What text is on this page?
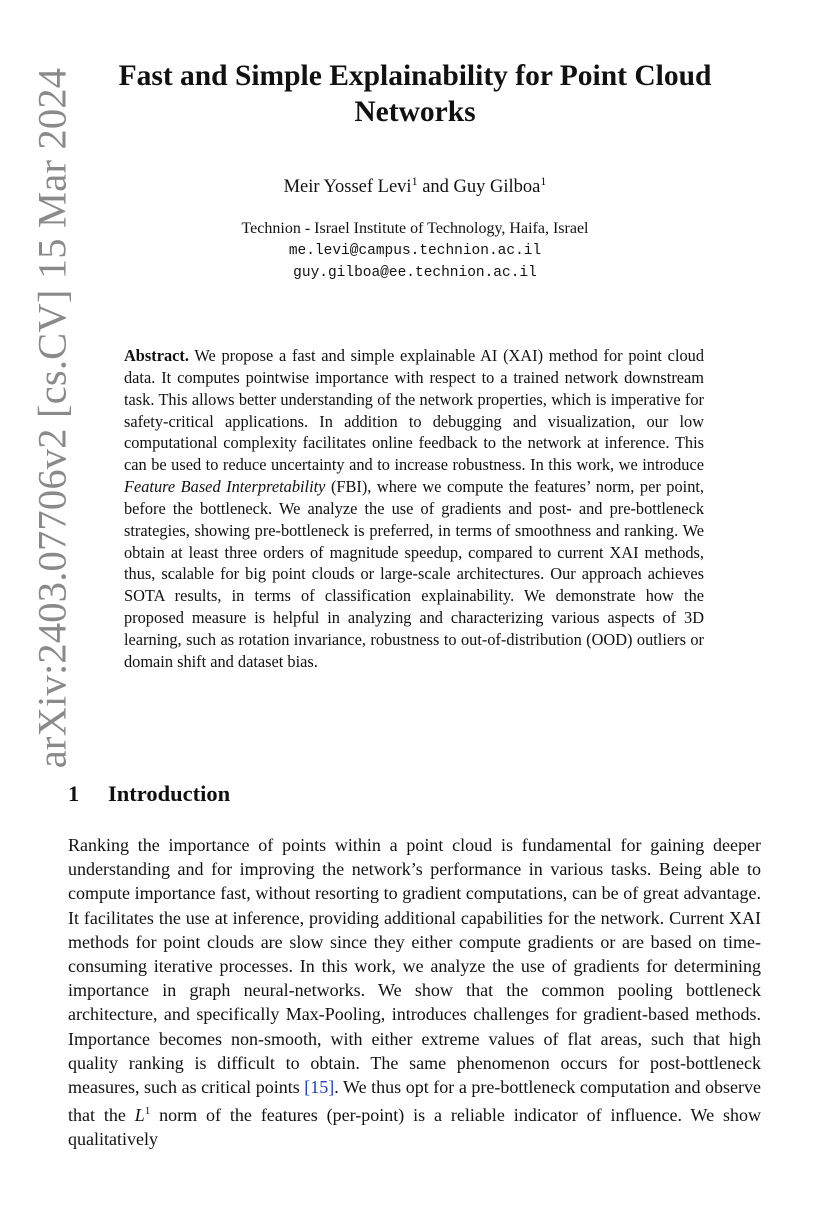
arXiv:2403.07706v2 [cs.CV] 15 Mar 2024	Fast and Simple Explainability for Point Cloud Networks
Meir Yossef Levi$^1$ and Guy Gilboa$^1$
Technion - Israel Institute of Technology, Haifa, Israel
me.levi@campus.technion.ac.il
guy.gilboa@ee.technion.ac.il
Abstract. We propose a fast and simple explainable AI (XAI) method for point cloud data. It computes pointwise importance with respect to a trained network downstream task. This allows better understanding of the network properties, which is imperative for safety-critical applications. In addition to debugging and visualization, our low computational complexity facilitates online feedback to the network at inference. This can be used to reduce uncertainty and to increase robustness. In this work, we introduce Feature Based Interpretability (FBI), where we compute the features’ norm, per point, before the bottleneck. We analyze the use of gradients and post- and pre-bottleneck strategies, showing pre-bottleneck is preferred, in terms of smoothness and ranking. We obtain at least three orders of magnitude speedup, compared to current XAI methods, thus, scalable for big point clouds or large-scale architectures. Our approach achieves SOTA results, in terms of classification explainability. We demonstrate how the proposed measure is helpful in analyzing and characterizing various aspects of 3D learning, such as rotation invariance, robustness to out-of-distribution (OOD) outliers or domain shift and dataset bias.
1 Introduction
Ranking the importance of points within a point cloud is fundamental for gaining deeper understanding and for improving the network’s performance in various tasks. Being able to compute importance fast, without resorting to gradient computations, can be of great advantage. It facilitates the use at inference, providing additional capabilities for the network. Current XAI methods for point clouds are slow since they either compute gradients or are based on time-consuming iterative processes. In this work, we analyze the use of gradients for determining importance in graph neural-networks. We show that the common pooling bottleneck architecture, and specifically Max-Pooling, introduces challenges for gradient-based methods. Importance becomes non-smooth, with either extreme values of flat areas, such that high quality ranking is difficult to obtain. The same phenomenon occurs for post-bottleneck measures, such as critical points [15]. We thus opt for a pre-bottleneck computation and observe that the $L^1$ norm of the features (per-point) is a reliable indicator of influence. We show qualitatively
